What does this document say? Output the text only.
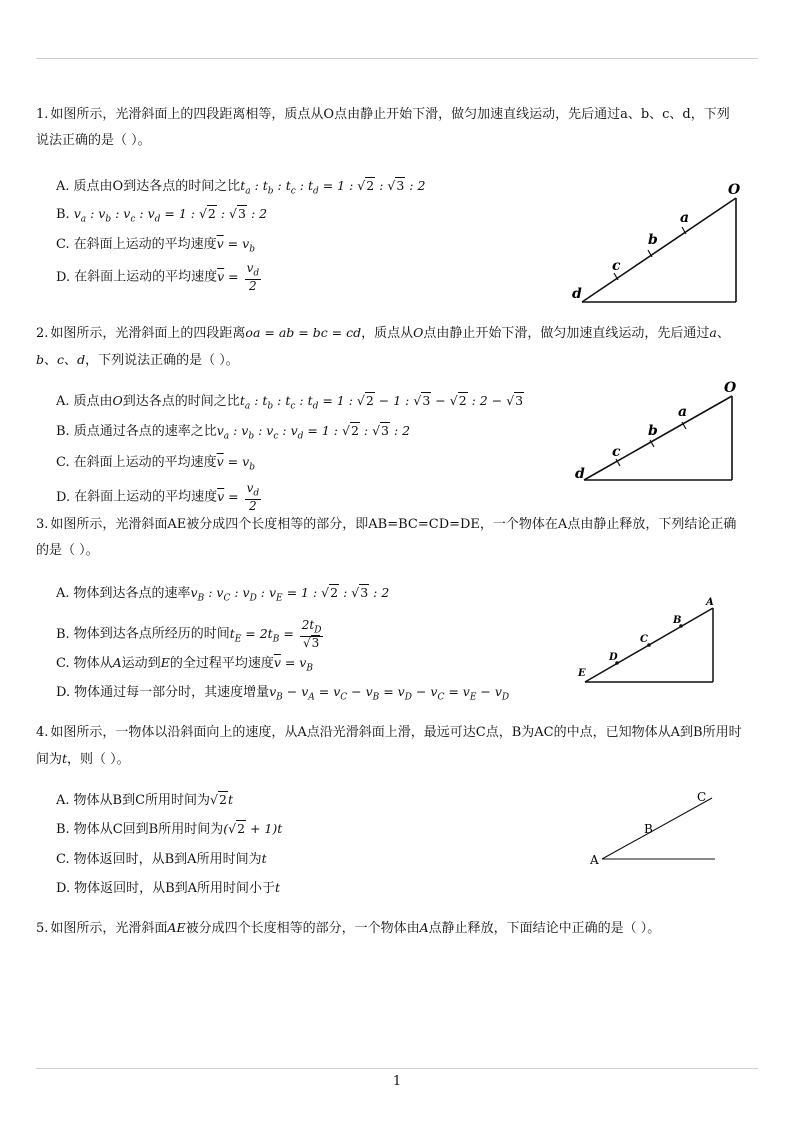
1. 如图所示，光滑斜面上的四段距离相等，质点从O点由静止开始下滑，做匀加速直线运动，先后通过a、b、c、d，下列说法正确的是（ ）。
A. 质点由O到达各点的时间之比$t_a$ : $t_b$ : $t_c$ : $t_d = 1$ : √2 : √3 : 2
B. $v_a$ : $v_b$ : $v_c$ : $v_d = 1$ : √2 : √3 : 2
C. 在斜面上运动的平均速度$\overline{v} = v_b$
D. 在斜面上运动的平均速度$\overline{v} = \frac{v_d}{2}$
O
a
b
c
d
2. 如图所示，光滑斜面上的四段距离oa = ab = bc = cd，质点从O点由静止开始下滑，做匀加速直线运动，先后通过a、b、c、d，下列说法正确的是（ ）。
A. 质点由O到达各点的时间之比$t_a$ : $t_b$ : $t_c$ : $t_d = 1$ : √2 − 1 : √3 − √2 : 2 − √3
B. 质点通过各点的速率之比$v_a$ : $v_b$ : $v_c$ : $v_d = 1$ : √2 : √3 : 2
C. 在斜面上运动的平均速度$\overline{v} = v_b$
D. 在斜面上运动的平均速度$\overline{v} = \frac{v_d}{2}$
O
a
b
c
d
3. 如图所示，光滑斜面AE被分成四个长度相等的部分，即AB=BC=CD=DE，一个物体在A点由静止释放，下列结论正确的是（ ）。
A. 物体到达各点的速率$v_B$ : $v_C$ : $v_D$ : $v_E = 1$ : √2 : √3 : 2
B. 物体到达各点所经历的时间$t_E = 2t_B = \frac{2t_D}{√3}$
C. 物体从A运动到E的全过程平均速度$\overline{v} = v_B$
D. 物体通过每一部分时，其速度增量$v_B - v_A = v_C - v_B = v_D - v_C = v_E - v_D$
A
B
C
D
E
4. 如图所示，一物体以沿斜面向上的速度，从A点沿光滑斜面上滑，最远可达C点，B为AC的中点，已知物体从A到B所用时间为t，则（ ）。
A. 物体从B到C所用时间为√2t
B. 物体从C回到B所用时间为(√2 + 1)t
C. 物体返回时，从B到A所用时间为t
D. 物体返回时，从B到A所用时间小于t
A
B
C
5. 如图所示，光滑斜面AE被分成四个长度相等的部分，一个物体由A点静止释放，下面结论中正确的是（ ）。
1
